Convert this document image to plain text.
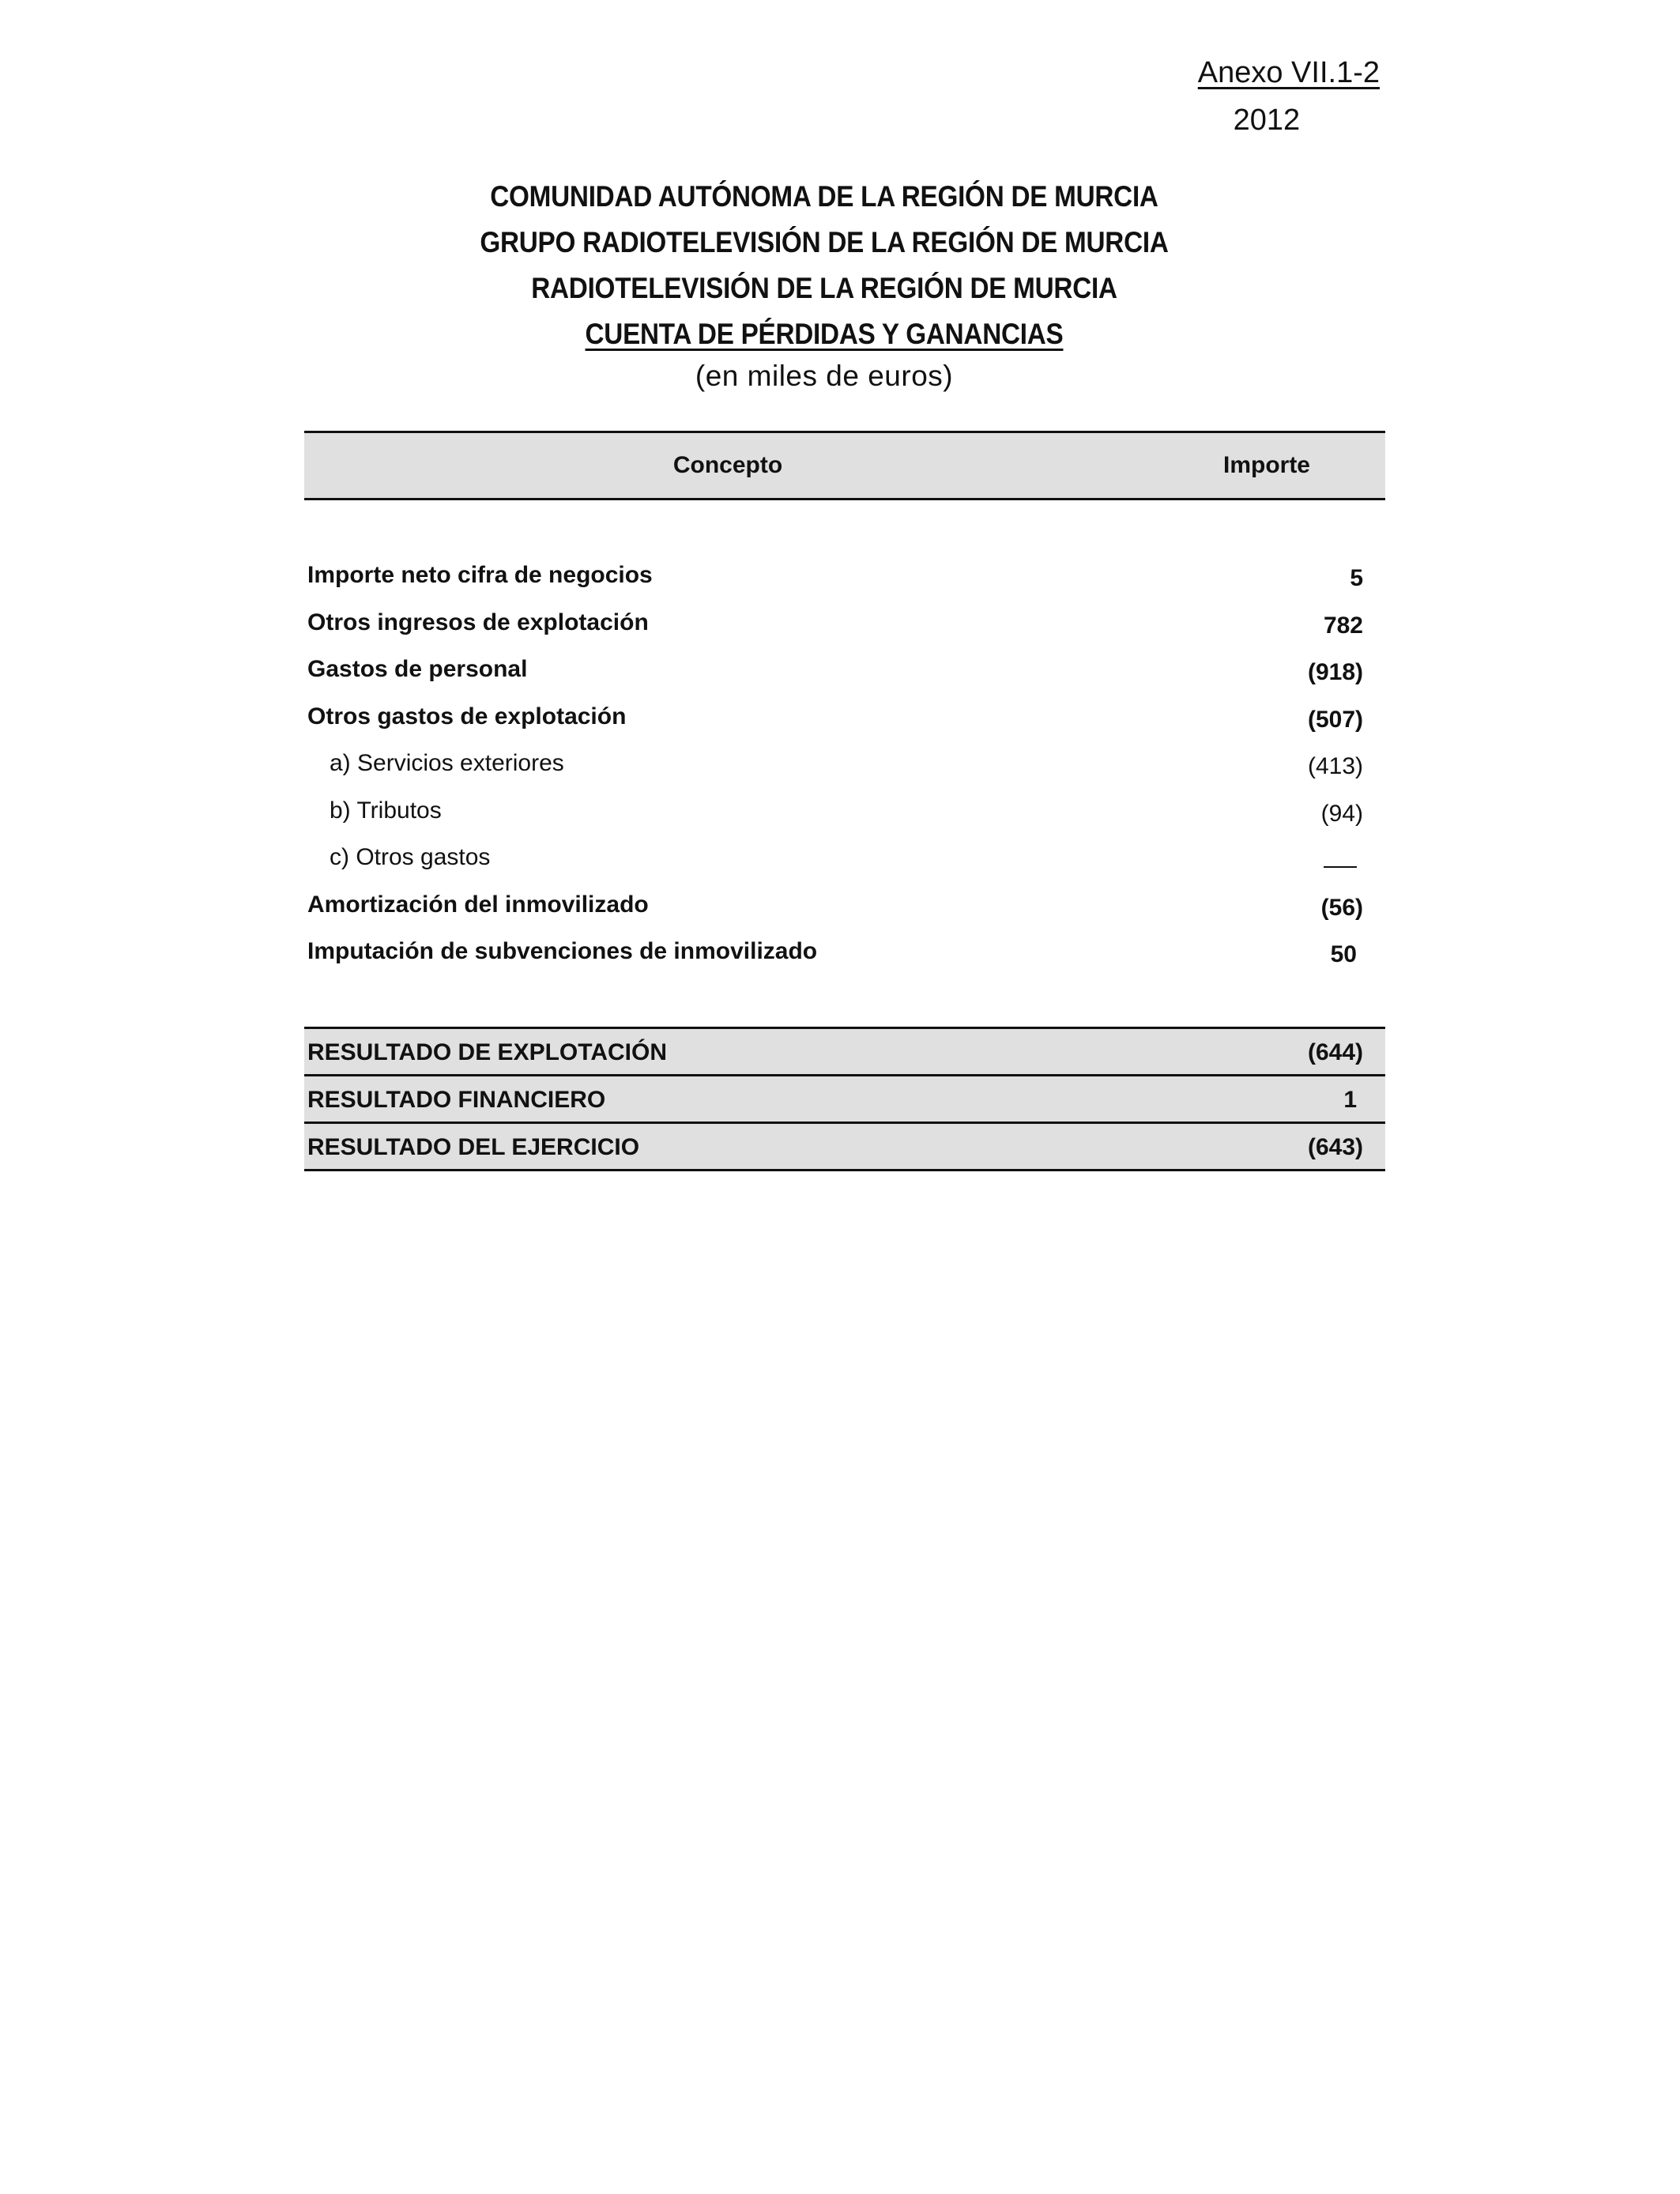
Anexo VII.1-2
2012
COMUNIDAD AUTÓNOMA DE LA REGIÓN DE MURCIA
GRUPO RADIOTELEVISIÓN DE LA REGIÓN DE MURCIA
RADIOTELEVISIÓN DE LA REGIÓN DE MURCIA
CUENTA DE PÉRDIDAS Y GANANCIAS
(en miles de euros)
Concepto	Importe
Importe neto cifra de negocios	5
Otros ingresos de explotación	782
Gastos de personal	(918)
Otros gastos de explotación	(507)
a) Servicios exteriores	(413)
b) Tributos	(94)
c) Otros gastos
Amortización del inmovilizado	(56)
Imputación de subvenciones de inmovilizado	50
RESULTADO DE EXPLOTACIÓN	(644)
RESULTADO FINANCIERO	1
RESULTADO DEL EJERCICIO	(643)
